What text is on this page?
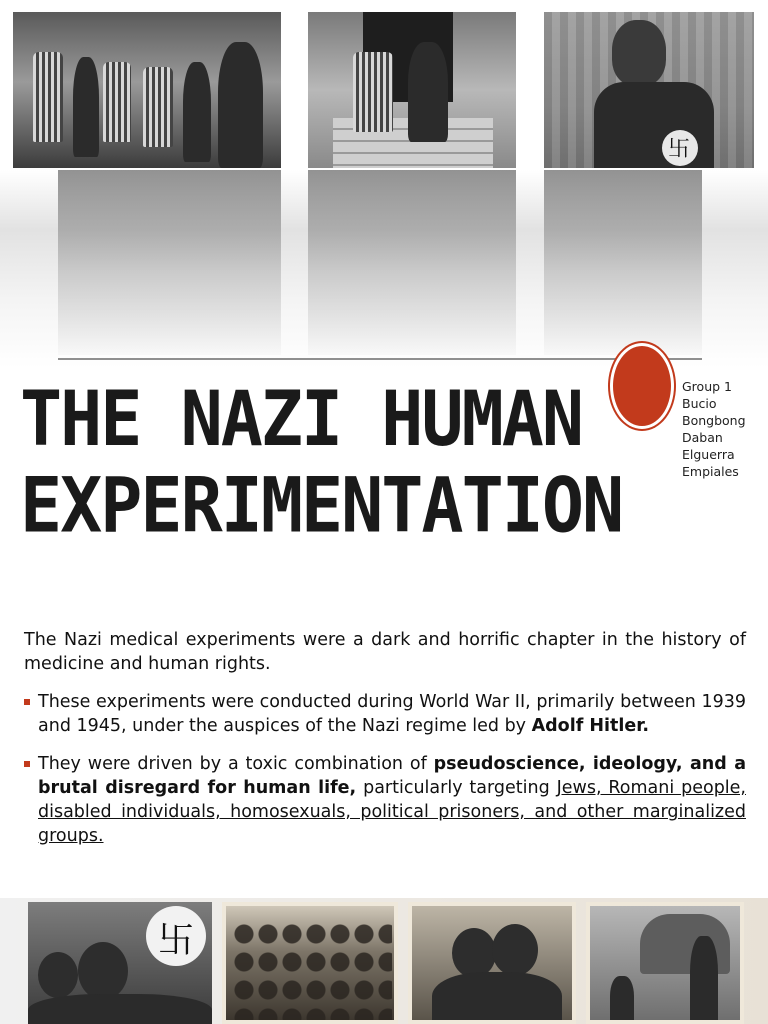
卐
THE NAZI HUMAN
EXPERIMENTATION
Group 1
Bucio
Bongbong
Daban
Elguerra
Empiales

The Nazi medical experiments were a dark and horrific chapter in the history of medicine and human rights.

These experiments were conducted during World War II, primarily between 1939 and 1945, under the auspices of the Nazi regime led by Adolf Hitler.
They were driven by a toxic combination of pseudoscience, ideology, and a brutal disregard for human life, particularly targeting Jews, Romani people, disabled individuals, homosexuals, political prisoners, and other marginalized groups.
卐
